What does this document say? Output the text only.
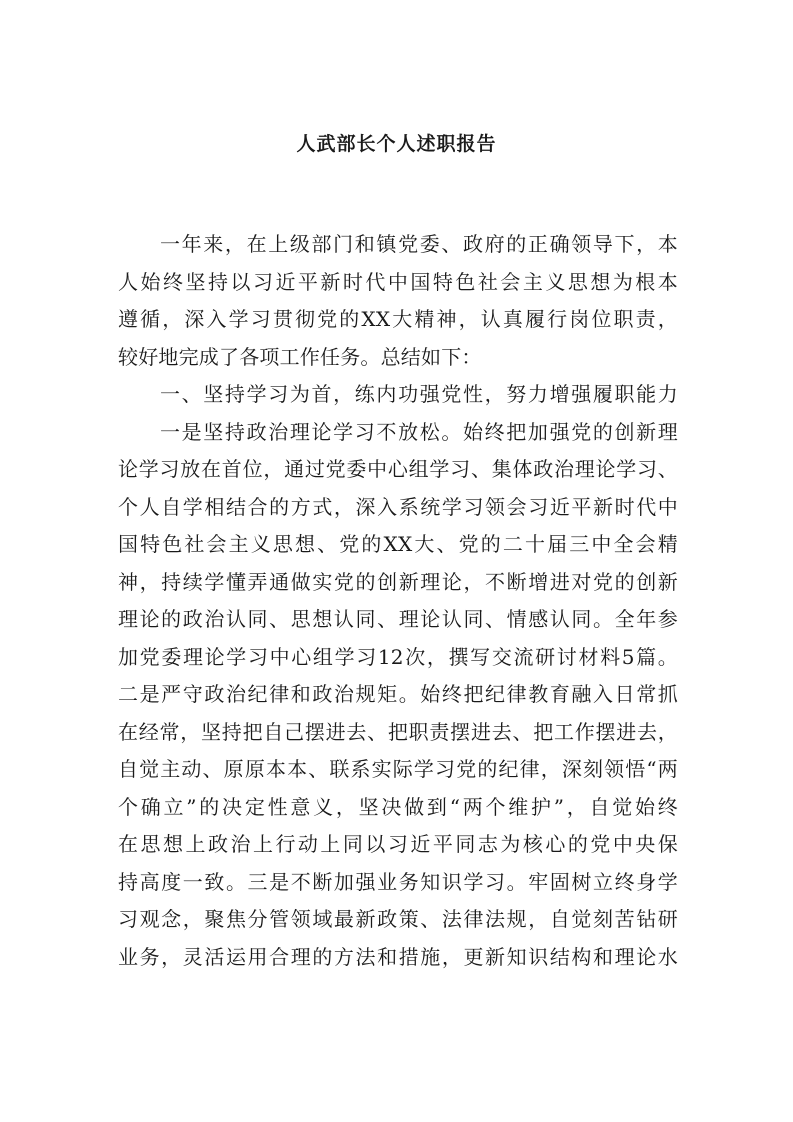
人武部长个人述职报告
一年来，在上级部门和镇党委、政府的正确领导下，本
人始终坚持以习近平新时代中国特色社会主义思想为根本
遵循，深入学习贯彻党的XX大精神，认真履行岗位职责，
较好地完成了各项工作任务。总结如下：
一、坚持学习为首，练内功强党性，努力增强履职能力
一是坚持政治理论学习不放松。始终把加强党的创新理
论学习放在首位，通过党委中心组学习、集体政治理论学习、
个人自学相结合的方式，深入系统学习领会习近平新时代中
国特色社会主义思想、党的XX大、党的二十届三中全会精
神，持续学懂弄通做实党的创新理论，不断增进对党的创新
理论的政治认同、思想认同、理论认同、情感认同。全年参
加党委理论学习中心组学习12次，撰写交流研讨材料5篇。
二是严守政治纪律和政治规矩。始终把纪律教育融入日常抓
在经常，坚持把自己摆进去、把职责摆进去、把工作摆进去，
自觉主动、原原本本、联系实际学习党的纪律，深刻领悟“两
个确立”的决定性意义，坚决做到“两个维护”，自觉始终
在思想上政治上行动上同以习近平同志为核心的党中央保
持高度一致。三是不断加强业务知识学习。牢固树立终身学
习观念，聚焦分管领域最新政策、法律法规，自觉刻苦钻研
业务，灵活运用合理的方法和措施，更新知识结构和理论水
